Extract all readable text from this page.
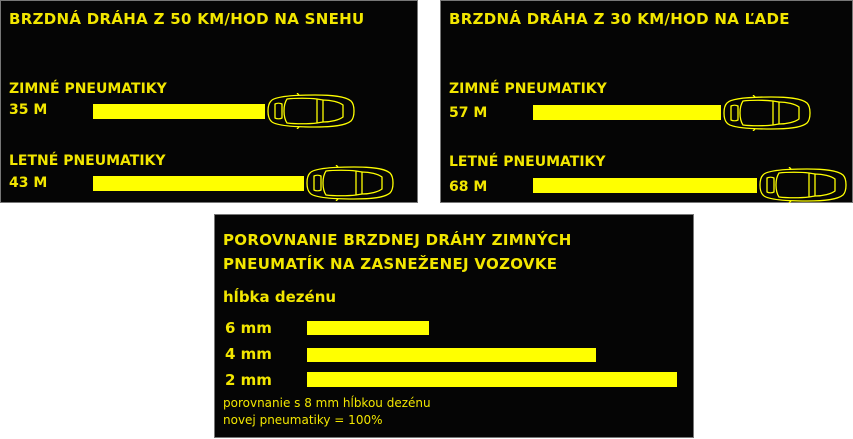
BRZDNÁ DRÁHA Z 50 KM/HOD NA SNEHU
ZIMNÉ PNEUMATIKY
35 M
LETNÉ PNEUMATIKY
43 M
BRZDNÁ DRÁHA Z 30 KM/HOD NA ĽADE
ZIMNÉ PNEUMATIKY
57 M
LETNÉ PNEUMATIKY
68 M
POROVNANIE BRZDNEJ DRÁHY ZIMNÝCH
PNEUMATÍK NA ZASNEŽENEJ VOZOVKE
hĺbka dezénu
6 mm
4 mm
2 mm
porovnanie s 8 mm hĺbkou dezénu
novej pneumatiky = 100%
